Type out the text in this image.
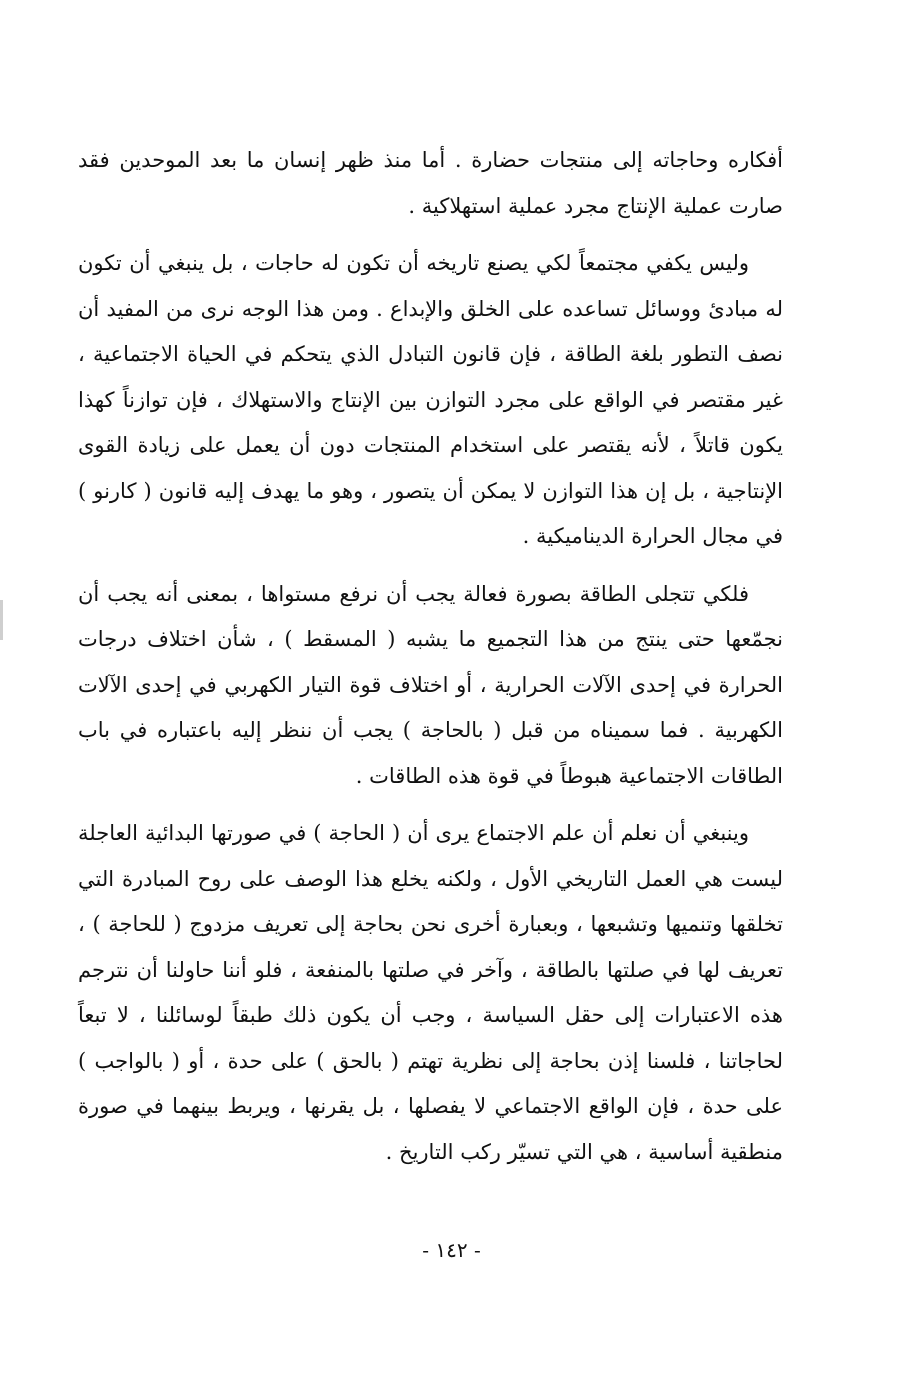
أفكاره وحاجاته إلى منتجات حضارة . أما منذ ظهر إنسان ما بعد الموحدين فقد صارت عملية الإنتاج مجرد عملية استهلاكية .

وليس يكفي مجتمعاً لكي يصنع تاريخه أن تكون له حاجات ، بل ينبغي أن تكون له مبادئ ووسائل تساعده على الخلق والإبداع . ومن هذا الوجه نرى من المفيد أن نصف التطور بلغة الطاقة ، فإن قانون التبادل الذي يتحكم في الحياة الاجتماعية ، غير مقتصر في الواقع على مجرد التوازن بين الإنتاج والاستهلاك ، فإن توازناً كهذا يكون قاتلاً ، لأنه يقتصر على استخدام المنتجات دون أن يعمل على زيادة القوى الإنتاجية ، بل إن هذا التوازن لا يمكن أن يتصور ، وهو ما يهدف إليه قانون ( كارنو ) في مجال الحرارة الديناميكية .

فلكي تتجلى الطاقة بصورة فعالة يجب أن نرفع مستواها ، بمعنى أنه يجب أن نجمّعها حتى ينتج من هذا التجميع ما يشبه ( المسقط ) ، شأن اختلاف درجات الحرارة في إحدى الآلات الحرارية ، أو اختلاف قوة التيار الكهربي في إحدى الآلات الكهربية . فما سميناه من قبل ( بالحاجة ) يجب أن ننظر إليه باعتباره في باب الطاقات الاجتماعية هبوطاً في قوة هذه الطاقات .

وينبغي أن نعلم أن علم الاجتماع يرى أن ( الحاجة ) في صورتها البدائية العاجلة ليست هي العمل التاريخي الأول ، ولكنه يخلع هذا الوصف على روح المبادرة التي تخلقها وتنميها وتشبعها ، وبعبارة أخرى نحن بحاجة إلى تعريف مزدوج ( للحاجة ) ، تعريف لها في صلتها بالطاقة ، وآخر في صلتها بالمنفعة ، فلو أننا حاولنا أن نترجم هذه الاعتبارات إلى حقل السياسة ، وجب أن يكون ذلك طبقاً لوسائلنا ، لا تبعاً لحاجاتنا ، فلسنا إذن بحاجة إلى نظرية تهتم ( بالحق ) على حدة ، أو ( بالواجب ) على حدة ، فإن الواقع الاجتماعي لا يفصلها ، بل يقرنها ، ويربط بينهما في صورة منطقية أساسية ، هي التي تسيّر ركب التاريخ .

- ١٤٢ -
